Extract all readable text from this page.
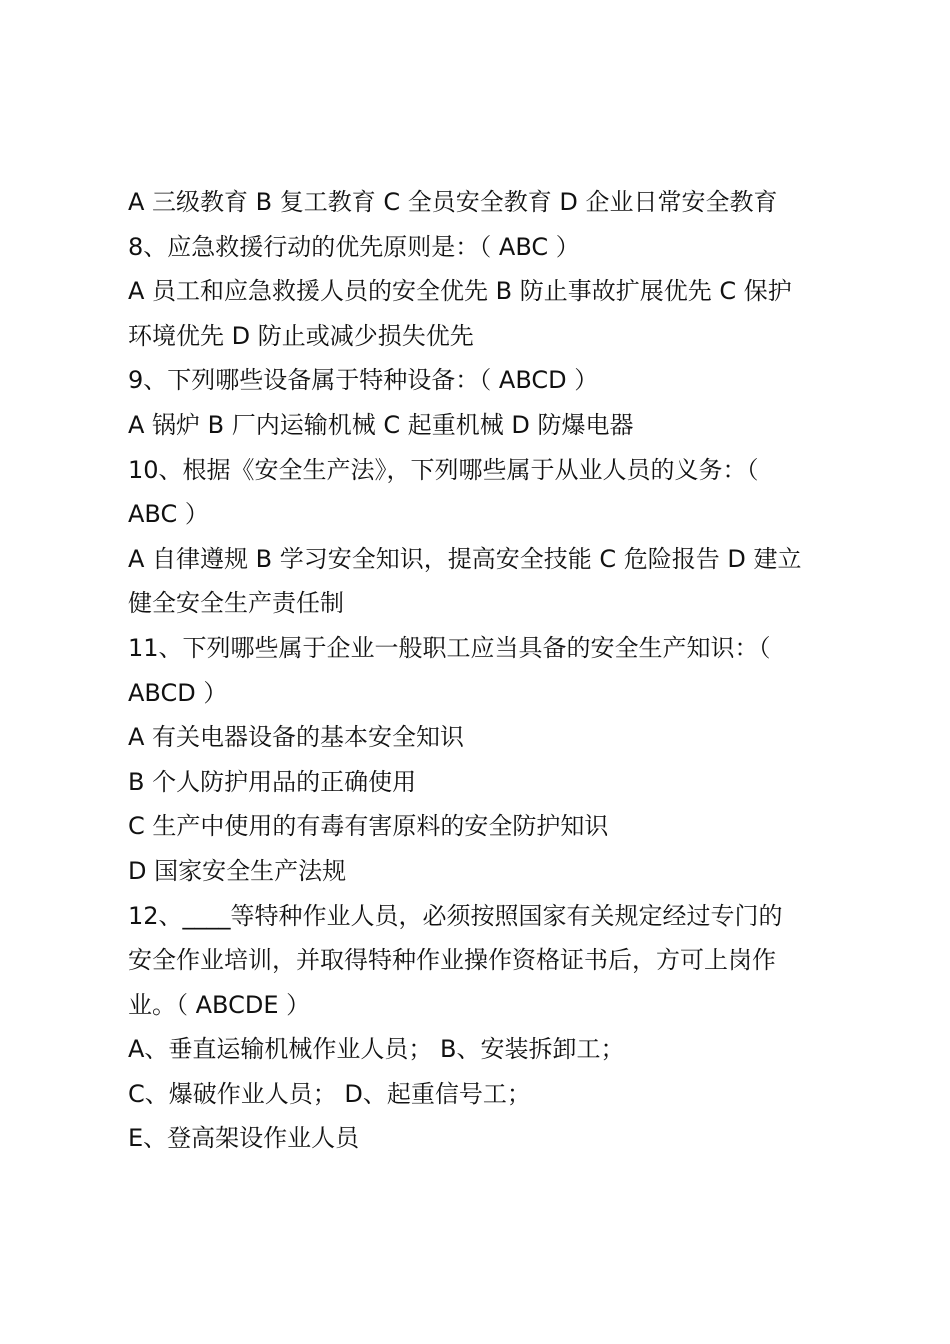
A 三级教育 B 复工教育 C 全员安全教育 D 企业日常安全教育
8、应急救援行动的优先原则是：（ ABC ）
A 员工和应急救援人员的安全优先 B 防止事故扩展优先 C 保护
环境优先 D 防止或减少损失优先
9、下列哪些设备属于特种设备：（ ABCD ）
A 锅炉 B 厂内运输机械 C 起重机械 D 防爆电器
10、根据《安全生产法》，下列哪些属于从业人员的义务：（
ABC ）
A 自律遵规 B 学习安全知识，提高安全技能 C 危险报告 D 建立
健全安全生产责任制
11、下列哪些属于企业一般职工应当具备的安全生产知识：（
ABCD ）
A 有关电器设备的基本安全知识
B 个人防护用品的正确使用
C 生产中使用的有毒有害原料的安全防护知识
D 国家安全生产法规
12、____等特种作业人员，必须按照国家有关规定经过专门的
安全作业培训，并取得特种作业操作资格证书后，方可上岗作
业。（ ABCDE ）
A、垂直运输机械作业人员； B、安装拆卸工；
C、爆破作业人员； D、起重信号工；
E、登高架设作业人员
